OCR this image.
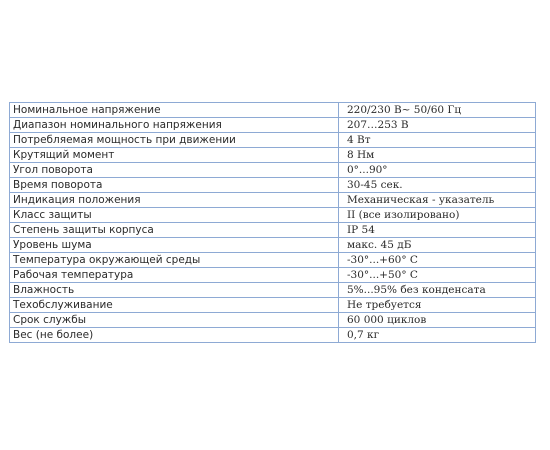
Номинальное напряжение	220/230 В~ 50/60 Гц
Диапазон номинального напряжения	207…253 В
Потребляемая мощность при движении	4 Вт
Крутящий момент	8 Нм
Угол поворота	0°...90°
Время поворота	30-45 сек.
Индикация положения	Механическая - указатель
Класс защиты	II (все изолировано)
Степень защиты корпуса	IP 54
Уровень шума	макс. 45 дБ
Температура окружающей среды	-30°...+60° С
Рабочая температура	-30°...+50° С
Влажность	5%...95% без конденсата
Техобслуживание	Не требуется
Срок службы	60 000 циклов
Вес (не более)	0,7 кг
